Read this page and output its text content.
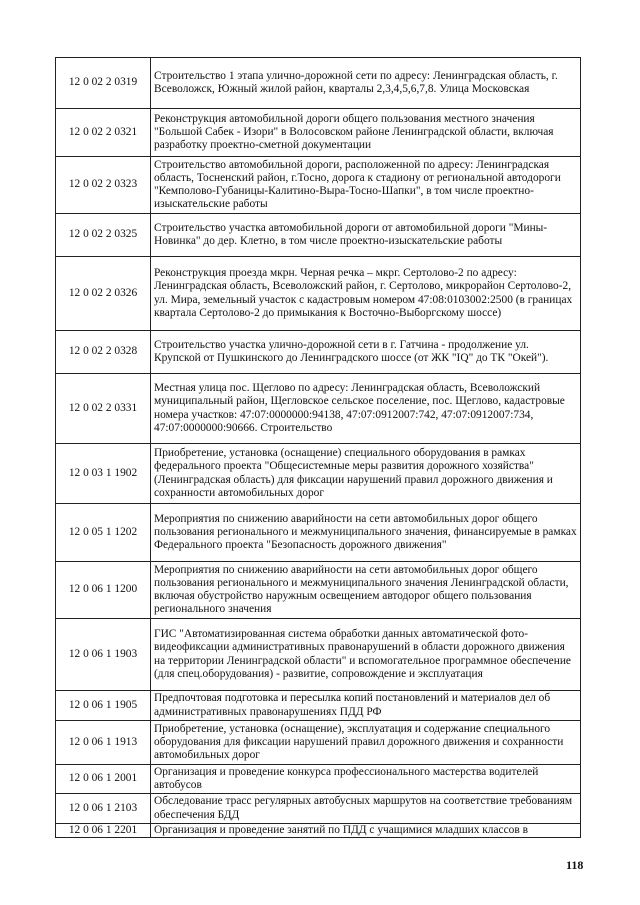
12 0 02 2 0319	Строительство 1 этапа улично-дорожной сети по адресу: Ленинградская область, г. Всеволожск, Южный жилой район, кварталы 2,3,4,5,6,7,8. Улица Московская
12 0 02 2 0321	Реконструкция автомобильной дороги общего пользования местного значения "Большой Сабек - Изори" в Волосовском районе Ленинградской области, включая разработку проектно-сметной документации
12 0 02 2 0323	Строительство автомобильной дороги, расположенной по адресу: Ленинградская область, Тосненский район, г.Тосно, дорога к стадиону от региональной автодороги "Кемполово-Губаницы-Калитино-Выра-Тосно-Шапки", в том числе проектно-изыскательские работы
12 0 02 2 0325	Строительство участка автомобильной дороги от автомобильной дороги "Мины-Новинка" до дер. Клетно, в том числе проектно-изыскательские работы
12 0 02 2 0326	Реконструкция проезда мкрн. Черная речка – мкрг. Сертолово-2 по адресу: Ленинградская область, Всеволожский район, г. Сертолово, микрорайон Сертолово-2, ул. Мира, земельный участок с кадастровым номером 47:08:0103002:2500 (в границах квартала Сертолово-2 до примыкания к Восточно-Выборгскому шоссе)
12 0 02 2 0328	Строительство участка улично-дорожной сети в г. Гатчина - продолжение ул. Крупской от Пушкинского до Ленинградского шоссе (от ЖК "IQ" до ТК "Окей").
12 0 02 2 0331	Местная улица пос. Щеглово по адресу: Ленинградская область, Всеволожский муниципальный район, Щегловское сельское поселение, пос. Щеглово, кадастровые номера участков: 47:07:0000000:94138, 47:07:0912007:742, 47:07:0912007:734, 47:07:0000000:90666. Строительство
12 0 03 1 1902	Приобретение, установка (оснащение) специального оборудования в рамках федерального проекта "Общесистемные меры развития дорожного хозяйства" (Ленинградская область) для фиксации нарушений правил дорожного движения и сохранности автомобильных дорог
12 0 05 1 1202	Мероприятия по снижению аварийности на сети автомобильных дорог общего пользования регионального и межмуниципального значения, финансируемые в рамках Федерального проекта "Безопасность дорожного движения"
12 0 06 1 1200	Мероприятия по снижению аварийности на сети автомобильных дорог общего пользования регионального и межмуниципального значения Ленинградской области, включая обустройство наружным освещением автодорог общего пользования регионального значения
12 0 06 1 1903	ГИС "Автоматизированная система обработки данных автоматической фото- видеофиксации административных правонарушений в области дорожного движения на территории Ленинградской области" и вспомогательное программное обеспечение (для спец.оборудования) - развитие, сопровождение и эксплуатация
12 0 06 1 1905	Предпочтовая подготовка и пересылка копий постановлений и материалов дел об административных правонарушениях ПДД РФ
12 0 06 1 1913	Приобретение, установка (оснащение), эксплуатация и содержание специального оборудования для фиксации нарушений правил дорожного движения и сохранности автомобильных дорог
12 0 06 1 2001	Организация и проведение конкурса профессионального мастерства водителей автобусов
12 0 06 1 2103	Обследование трасс регулярных автобусных маршрутов на соответствие требованиям обеспечения БДД
12 0 06 1 2201	Организация и проведение занятий по ПДД с учащимися младших классов в
118
